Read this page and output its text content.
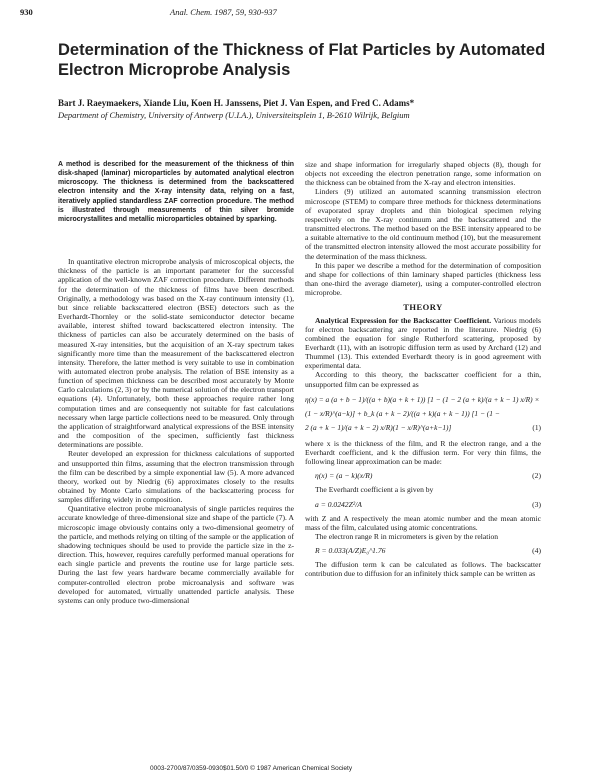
930	Anal. Chem. 1987, 59, 930-937
Determination of the Thickness of Flat Particles by Automated Electron Microprobe Analysis
Bart J. Raeymaekers, Xiande Liu, Koen H. Janssens, Piet J. Van Espen, and Fred C. Adams*
Department of Chemistry, University of Antwerp (U.I.A.), Universiteitsplein 1, B-2610 Wilrijk, Belgium
A method is described for the measurement of the thickness of thin disk-shaped (laminar) microparticles by automated analytical electron microscopy. The thickness is determined from the backscattered electron intensity and the X-ray intensity data, relying on a fast, iteratively applied standardless ZAF correction procedure. The method is illustrated through measurements of thin silver bromide microcrystallites and metallic microparticles obtained by sparking.

In quantitative electron microprobe analysis of microscopical objects, the thickness of the particle is an important parameter for the successful application of the well-known ZAF correction procedure. Different methods for the determination of the thickness of films have been described. Originally, a methodology was based on the X-ray continuum intensity (1), but since reliable backscattered electron (BSE) detectors such as the Everhardt-Thornley or the solid-state semiconductor detector became available, interest shifted toward backscattered electron intensity. The thickness of particles can also be accurately determined on the basis of measured X-ray intensities, but the acquisition of an X-ray spectrum takes significantly more time than the measurement of the backscattered electron intensity. Therefore, the latter method is very suitable to use in combination with automated electron probe analysis. The relation of BSE intensity as a function of specimen thickness can be described most accurately by Monte Carlo calculations (2, 3) or by the numerical solution of the electron transport equations (4). Unfortunately, both these approaches require rather long computation times and are consequently not suitable for fast calculations necessary when large particle collections need to be measured. Only through the application of straightforward analytical expressions of the BSE intensity and the composition of the specimen, sufficiently fast thickness determinations are possible.

Reuter developed an expression for thickness calculations of supported and unsupported thin films, assuming that the electron transmission through the film can be described by a simple exponential law (5). A more advanced theory, worked out by Niedrig (6) approximates closely to the results obtained by Monte Carlo simulations of the backscattering process for samples differing widely in composition.

Quantitative electron probe microanalysis of single particles requires the accurate knowledge of three-dimensional size and shape of the particle (7). A microscopic image obviously contains only a two-dimensional geometry of the particle, and methods relying on tilting of the sample or the application of shadowing techniques should be used to provide the particle size in the z-direction. This, however, requires carefully performed manual operations for each single particle and prevents the routine use for large particle sets. During the last few years hardware became commercially available for computer-controlled electron probe microanalysis and software was developed for automated, virtually unattended particle analysis. These systems can only produce two-dimensional

size and shape information for irregularly shaped objects (8), though for objects not exceeding the electron penetration range, some information on the thickness can be obtained from the X-ray and electron intensities.

Linders (9) utilized an automated scanning transmission electron microscope (STEM) to compare three methods for thickness determinations of evaporated spray droplets and thin biological specimen relying respectively on the X-ray continuum and the backscattered and the transmitted electrons. The method based on the BSE intensity appeared to be a suitable alternative to the old continuum method (10), but the measurement of the transmitted electron intensity allowed the most accurate possibility for the determination of the mass thickness.

In this paper we describe a method for the determination of composition and shape for collections of thin laminary shaped particles (thickness less than one-third the average diameter), using a computer-controlled electron microprobe.

THEORY

Analytical Expression for the Backscatter Coefficient. Various models for electron backscattering are reported in the literature. Niedrig (6) combined the equation for single Rutherford scattering, proposed by Everhardt (11), with an isotropic diffusion term as used by Archard (12) and Thummel (13). This extended Everhardt theory is in good agreement with experimental data.

According to this theory, the backscatter coefficient for a thin, unsupported film can be expressed as

η(x) = a (a + b − 1)/((a + b)(a + k + 1)) [1 − (1 − 2 (a + k)/(a + k − 1) x/R) ×
(1 − x/R)^(a−k)] + b_k (a + k − 2)/((a + k)(a + k − 1)) [1 − (1 −
2 (a + k − 1)/(a + k − 2) x/R)(1 − x/R)^(a+k−1)]	(1)

where x is the thickness of the film, and R the electron range, and a the Everhardt coefficient, and k the diffusion term. For very thin films, the following linear approximation can be made:

η(x) = (a − k)(x/R)	(2)

The Everhardt coefficient a is given by

a = 0.0242Z²/A	(3)

with Z and A respectively the mean atomic number and the mean atomic mass of the film, calculated using atomic concentrations.

The electron range R in micrometers is given by the relation

R = 0.033(A/Z)E₀^1.76	(4)

The diffusion term k can be calculated as follows. The backscatter contribution due to diffusion for an infinitely thick sample can be written as

0003-2700/87/0359-0930$01.50/0 © 1987 American Chemical Society
